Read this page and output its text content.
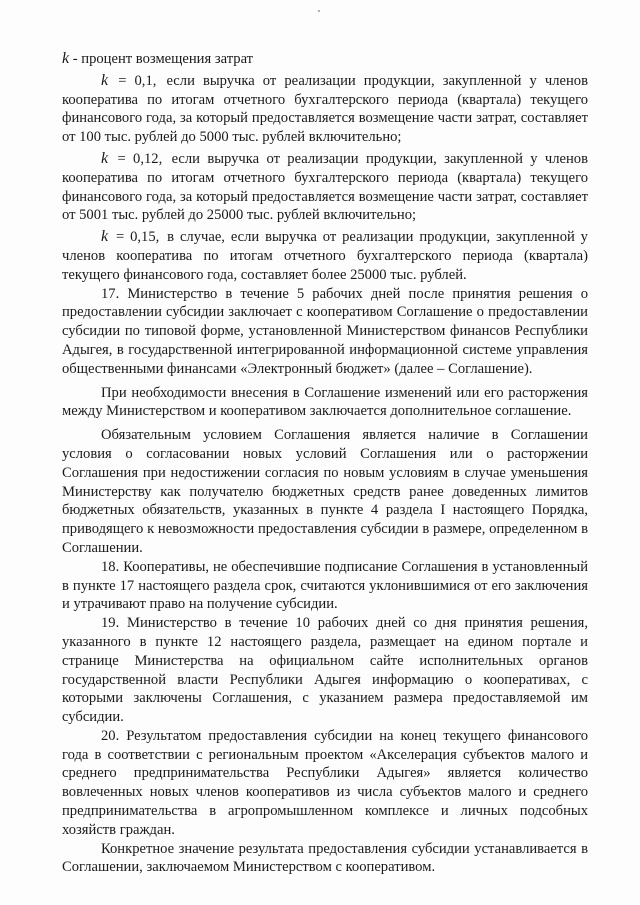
k - процент возмещения затрат

k = 0,1, если выручка от реализации продукции, закупленной у членов кооператива по итогам отчетного бухгалтерского периода (квартала) текущего финансового года, за который предоставляется возмещение части затрат, составляет от 100 тыс. рублей до 5000 тыс. рублей включительно;

k = 0,12, если выручка от реализации продукции, закупленной у членов кооператива по итогам отчетного бухгалтерского периода (квартала) текущего финансового года, за который предоставляется возмещение части затрат, составляет от 5001 тыс. рублей до 25000 тыс. рублей включительно;

k = 0,15, в случае, если выручка от реализации продукции, закупленной у членов кооператива по итогам отчетного бухгалтерского периода (квартала) текущего финансового года, составляет более 25000 тыс. рублей.

17. Министерство в течение 5 рабочих дней после принятия решения о предоставлении субсидии заключает с кооперативом Соглашение о предоставлении субсидии по типовой форме, установленной Министерством финансов Республики Адыгея, в государственной интегрированной информационной системе управления общественными финансами «Электронный бюджет» (далее – Соглашение).

При необходимости внесения в Соглашение изменений или его расторжения между Министерством и кооперативом заключается дополнительное соглашение.

Обязательным условием Соглашения является наличие в Соглашении условия о согласовании новых условий Соглашения или о расторжении Соглашения при недостижении согласия по новым условиям в случае уменьшения Министерству как получателю бюджетных средств ранее доведенных лимитов бюджетных обязательств, указанных в пункте 4 раздела I настоящего Порядка, приводящего к невозможности предоставления субсидии в размере, определенном в Соглашении.

18. Кооперативы, не обеспечившие подписание Соглашения в установленный в пункте 17 настоящего раздела срок, считаются уклонившимися от его заключения и утрачивают право на получение субсидии.

19. Министерство в течение 10 рабочих дней со дня принятия решения, указанного в пункте 12 настоящего раздела, размещает на едином портале и странице Министерства на официальном сайте исполнительных органов государственной власти Республики Адыгея информацию о кооперативах, с которыми заключены Соглашения, с указанием размера предоставляемой им субсидии.

20. Результатом предоставления субсидии на конец текущего финансового года в соответствии с региональным проектом «Акселерация субъектов малого и среднего предпринимательства Республики Адыгея» является количество вовлеченных новых членов кооперативов из числа субъектов малого и среднего предпринимательства в агропромышленном комплексе и личных подсобных хозяйств граждан.

Конкретное значение результата предоставления субсидии устанавливается в Соглашении, заключаемом Министерством с кооперативом.
